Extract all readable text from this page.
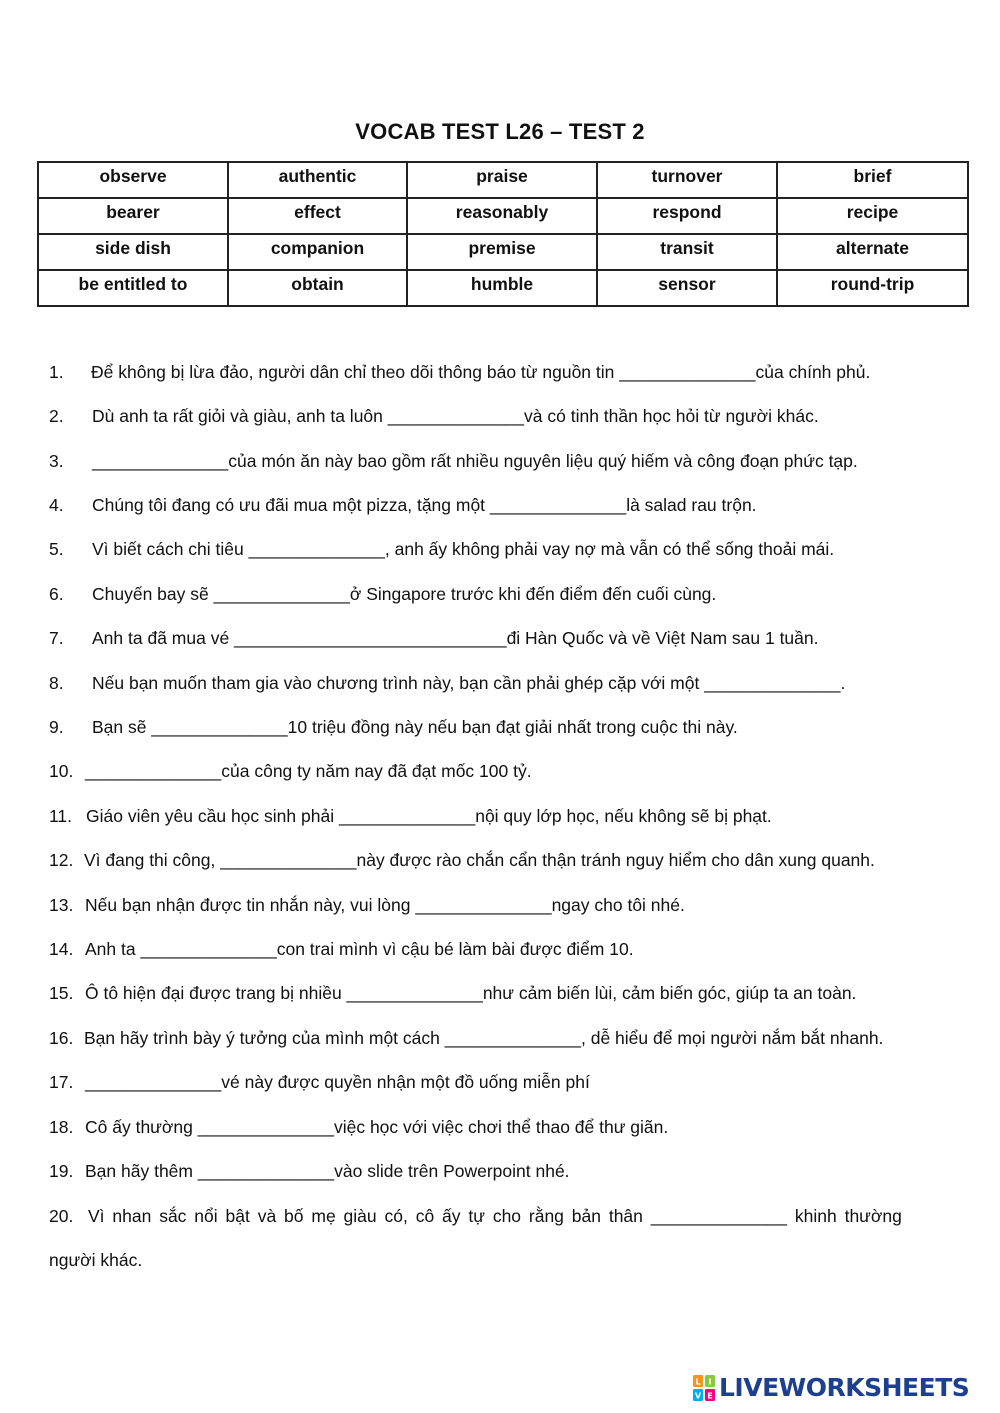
VOCAB TEST L26 – TEST 2
observe	authentic	praise	turnover	brief
bearer	effect	reasonably	respond	recipe
side dish	companion	premise	transit	alternate
be entitled to	obtain	humble	sensor	round-trip
1. Để không bị lừa đảo, người dân chỉ theo dõi thông báo từ nguồn tin ______________của chính phủ.
2. Dù anh ta rất giỏi và giàu, anh ta luôn ______________và có tinh thần học hỏi từ người khác.
3. ______________của món ăn này bao gồm rất nhiều nguyên liệu quý hiếm và công đoạn phức tạp.
4. Chúng tôi đang có ưu đãi mua một pizza, tặng một ______________là salad rau trộn.
5. Vì biết cách chi tiêu ______________, anh ấy không phải vay nợ mà vẫn có thể sống thoải mái.
6. Chuyến bay sẽ ______________ở Singapore trước khi đến điểm đến cuối cùng.
7. Anh ta đã mua vé ____________________________đi Hàn Quốc và về Việt Nam sau 1 tuần.
8. Nếu bạn muốn tham gia vào chương trình này, bạn cần phải ghép cặp với một ______________.
9. Bạn sẽ ______________10 triệu đồng này nếu bạn đạt giải nhất trong cuộc thi này.
10. ______________của công ty năm nay đã đạt mốc 100 tỷ.
11. Giáo viên yêu cầu học sinh phải ______________nội quy lớp học, nếu không sẽ bị phạt.
12. Vì đang thi công, ______________này được rào chắn cẩn thận tránh nguy hiểm cho dân xung quanh.
13. Nếu bạn nhận được tin nhắn này, vui lòng ______________ngay cho tôi nhé.
14. Anh ta ______________con trai mình vì cậu bé làm bài được điểm 10.
15. Ô tô hiện đại được trang bị nhiều ______________như cảm biến lùi, cảm biến góc, giúp ta an toàn.
16. Bạn hãy trình bày ý tưởng của mình một cách ______________, dễ hiểu để mọi người nắm bắt nhanh.
17. ______________vé này được quyền nhận một đồ uống miễn phí
18. Cô ấy thường ______________việc học với việc chơi thể thao để thư giãn.
19. Bạn hãy thêm ______________vào slide trên Powerpoint nhé.
20. Vì nhan sắc nổi bật và bố mẹ giàu có, cô ấy tự cho rằng bản thân ______________ khinh thường
người khác.
L I
V E LIVEWORKSHEETS
